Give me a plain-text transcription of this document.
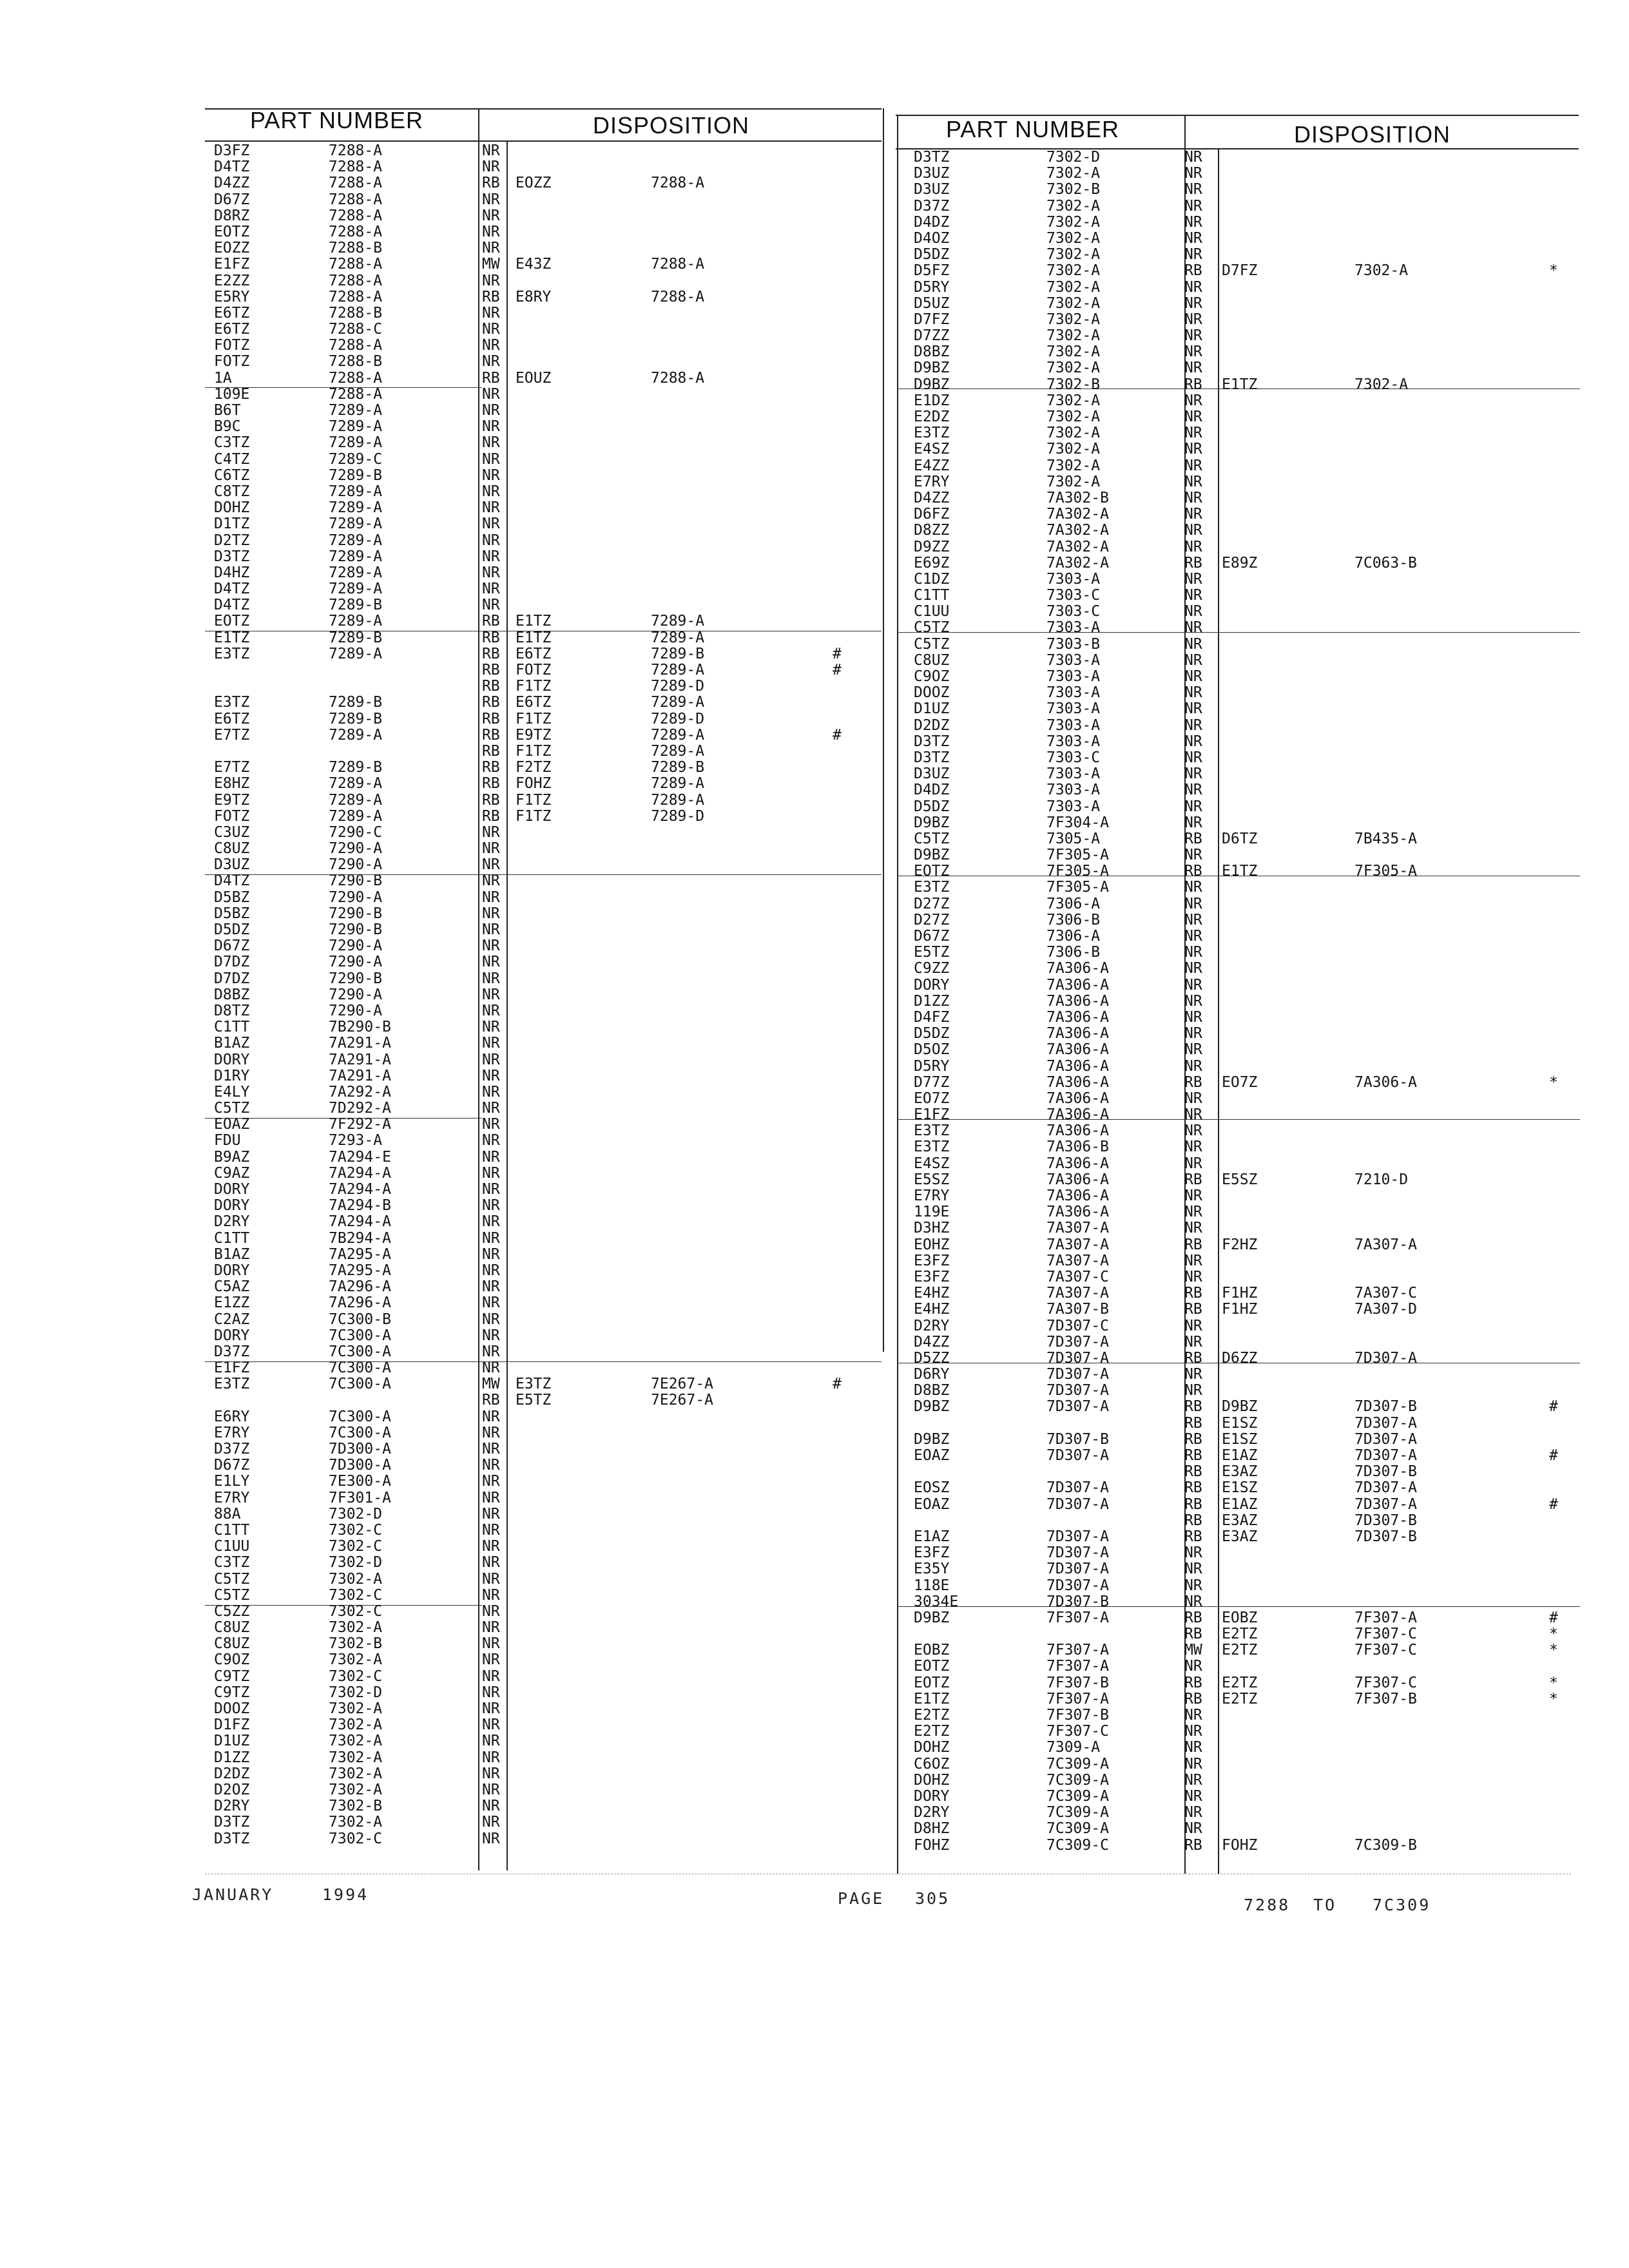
PART NUMBER	DISPOSITION	PART NUMBER	DISPOSITION
D3FZ	7288-A	NR
D4TZ	7288-A	NR
D4ZZ	7288-A	RB EOZZ	7288-A
D67Z	7288-A	NR
D8RZ	7288-A	NR
EOTZ	7288-A	NR
EOZZ	7288-B	NR
E1FZ	7288-A	MW E43Z	7288-A
E2ZZ	7288-A	NR
E5RY	7288-A	RB E8RY	7288-A
E6TZ	7288-B	NR
E6TZ	7288-C	NR
FOTZ	7288-A	NR
FOTZ	7288-B	NR
1A	7288-A	RB EOUZ	7288-A
109E	7288-A	NR
B6T	7289-A	NR
B9C	7289-A	NR
C3TZ	7289-A	NR
C4TZ	7289-C	NR
C6TZ	7289-B	NR
C8TZ	7289-A	NR
DOHZ	7289-A	NR
D1TZ	7289-A	NR
D2TZ	7289-A	NR
D3TZ	7289-A	NR
D4HZ	7289-A	NR
D4TZ	7289-A	NR
D4TZ	7289-B	NR
EOTZ	7289-A	RB E1TZ	7289-A
E1TZ	7289-B	RB E1TZ	7289-A
E3TZ	7289-A	RB E6TZ	7289-B	#
RB FOTZ	7289-A	#
RB F1TZ	7289-D
E3TZ	7289-B	RB E6TZ	7289-A
E6TZ	7289-B	RB F1TZ	7289-D
E7TZ	7289-A	RB E9TZ	7289-A	#
RB F1TZ	7289-A
E7TZ	7289-B	RB F2TZ	7289-B
E8HZ	7289-A	RB FOHZ	7289-A
E9TZ	7289-A	RB F1TZ	7289-A
FOTZ	7289-A	RB F1TZ	7289-D
C3UZ	7290-C	NR
C8UZ	7290-A	NR
D3UZ	7290-A	NR
D4TZ	7290-B	NR
D5BZ	7290-A	NR
D5BZ	7290-B	NR
D5DZ	7290-B	NR
D67Z	7290-A	NR
D7DZ	7290-A	NR
D7DZ	7290-B	NR
D8BZ	7290-A	NR
D8TZ	7290-A	NR
C1TT	7B290-B	NR
B1AZ	7A291-A	NR
DORY	7A291-A	NR
D1RY	7A291-A	NR
E4LY	7A292-A	NR
C5TZ	7D292-A	NR
EOAZ	7F292-A	NR
FDU	7293-A	NR
B9AZ	7A294-E	NR
C9AZ	7A294-A	NR
DORY	7A294-A	NR
DORY	7A294-B	NR
D2RY	7A294-A	NR
C1TT	7B294-A	NR
B1AZ	7A295-A	NR
DORY	7A295-A	NR
C5AZ	7A296-A	NR
E1ZZ	7A296-A	NR
C2AZ	7C300-B	NR
DORY	7C300-A	NR
D37Z	7C300-A	NR
E1FZ	7C300-A	NR
E3TZ	7C300-A	MW E3TZ	7E267-A	#
RB E5TZ	7E267-A
E6RY	7C300-A	NR
E7RY	7C300-A	NR
D37Z	7D300-A	NR
D67Z	7D300-A	NR
E1LY	7E300-A	NR
E7RY	7F301-A	NR
88A	7302-D	NR
C1TT	7302-C	NR
C1UU	7302-C	NR
C3TZ	7302-D	NR
C5TZ	7302-A	NR
C5TZ	7302-C	NR
C5ZZ	7302-C	NR
C8UZ	7302-A	NR
C8UZ	7302-B	NR
C9OZ	7302-A	NR
C9TZ	7302-C	NR
C9TZ	7302-D	NR
DOOZ	7302-A	NR
D1FZ	7302-A	NR
D1UZ	7302-A	NR
D1ZZ	7302-A	NR
D2DZ	7302-A	NR
D2OZ	7302-A	NR
D2RY	7302-B	NR
D3TZ	7302-A	NR
D3TZ	7302-C	NR
D3TZ	7302-D	NR
D3UZ	7302-A	NR
D3UZ	7302-B	NR
D37Z	7302-A	NR
D4DZ	7302-A	NR
D4OZ	7302-A	NR
D5DZ	7302-A	NR
D5FZ	7302-A	RB D7FZ	7302-A	*
D5RY	7302-A	NR
D5UZ	7302-A	NR
D7FZ	7302-A	NR
D7ZZ	7302-A	NR
D8BZ	7302-A	NR
D9BZ	7302-A	NR
D9BZ	7302-B	RB E1TZ	7302-A
E1DZ	7302-A	NR
E2DZ	7302-A	NR
E3TZ	7302-A	NR
E4SZ	7302-A	NR
E4ZZ	7302-A	NR
E7RY	7302-A	NR
D4ZZ	7A302-B	NR
D6FZ	7A302-A	NR
D8ZZ	7A302-A	NR
D9ZZ	7A302-A	NR
E69Z	7A302-A	RB E89Z	7C063-B
C1DZ	7303-A	NR
C1TT	7303-C	NR
C1UU	7303-C	NR
C5TZ	7303-A	NR
C5TZ	7303-B	NR
C8UZ	7303-A	NR
C9OZ	7303-A	NR
DOOZ	7303-A	NR
D1UZ	7303-A	NR
D2DZ	7303-A	NR
D3TZ	7303-A	NR
D3TZ	7303-C	NR
D3UZ	7303-A	NR
D4DZ	7303-A	NR
D5DZ	7303-A	NR
D9BZ	7F304-A	NR
C5TZ	7305-A	RB D6TZ	7B435-A
D9BZ	7F305-A	NR
EOTZ	7F305-A	RB E1TZ	7F305-A
E3TZ	7F305-A	NR
D27Z	7306-A	NR
D27Z	7306-B	NR
D67Z	7306-A	NR
E5TZ	7306-B	NR
C9ZZ	7A306-A	NR
DORY	7A306-A	NR
D1ZZ	7A306-A	NR
D4FZ	7A306-A	NR
D5DZ	7A306-A	NR
D5OZ	7A306-A	NR
D5RY	7A306-A	NR
D77Z	7A306-A	RB EO7Z	7A306-A	*
EO7Z	7A306-A	NR
E1FZ	7A306-A	NR
E3TZ	7A306-A	NR
E3TZ	7A306-B	NR
E4SZ	7A306-A	NR
E5SZ	7A306-A	RB E5SZ	7210-D
E7RY	7A306-A	NR
119E	7A306-A	NR
D3HZ	7A307-A	NR
EOHZ	7A307-A	RB F2HZ	7A307-A
E3FZ	7A307-A	NR
E3FZ	7A307-C	NR
E4HZ	7A307-A	RB F1HZ	7A307-C
E4HZ	7A307-B	RB F1HZ	7A307-D
D2RY	7D307-C	NR
D4ZZ	7D307-A	NR
D5ZZ	7D307-A	RB D6ZZ	7D307-A
D6RY	7D307-A	NR
D8BZ	7D307-A	NR
D9BZ	7D307-A	RB D9BZ	7D307-B	#
RB E1SZ	7D307-A
D9BZ	7D307-B	RB E1SZ	7D307-A
EOAZ	7D307-A	RB E1AZ	7D307-A	#
RB E3AZ	7D307-B
EOSZ	7D307-A	RB E1SZ	7D307-A
EOAZ	7D307-A	RB E1AZ	7D307-A	#
RB E3AZ	7D307-B
E1AZ	7D307-A	RB E3AZ	7D307-B
E3FZ	7D307-A	NR
E35Y	7D307-A	NR
118E	7D307-A	NR
3034E	7D307-B	NR
D9BZ	7F307-A	RB EOBZ	7F307-A	#
RB E2TZ	7F307-C	*
EOBZ	7F307-A	MW E2TZ	7F307-C	*
EOTZ	7F307-A	NR
EOTZ	7F307-B	RB E2TZ	7F307-C	*
E1TZ	7F307-A	RB E2TZ	7F307-B	*
E2TZ	7F307-B	NR
E2TZ	7F307-C	NR
DOHZ	7309-A	NR
C6OZ	7C309-A	NR
DOHZ	7C309-A	NR
DORY	7C309-A	NR
D2RY	7C309-A	NR
D8HZ	7C309-A	NR
FOHZ	7C309-C	RB FOHZ	7C309-B
JANUARY	1994	PAGE 305	7288 TO 7C309
